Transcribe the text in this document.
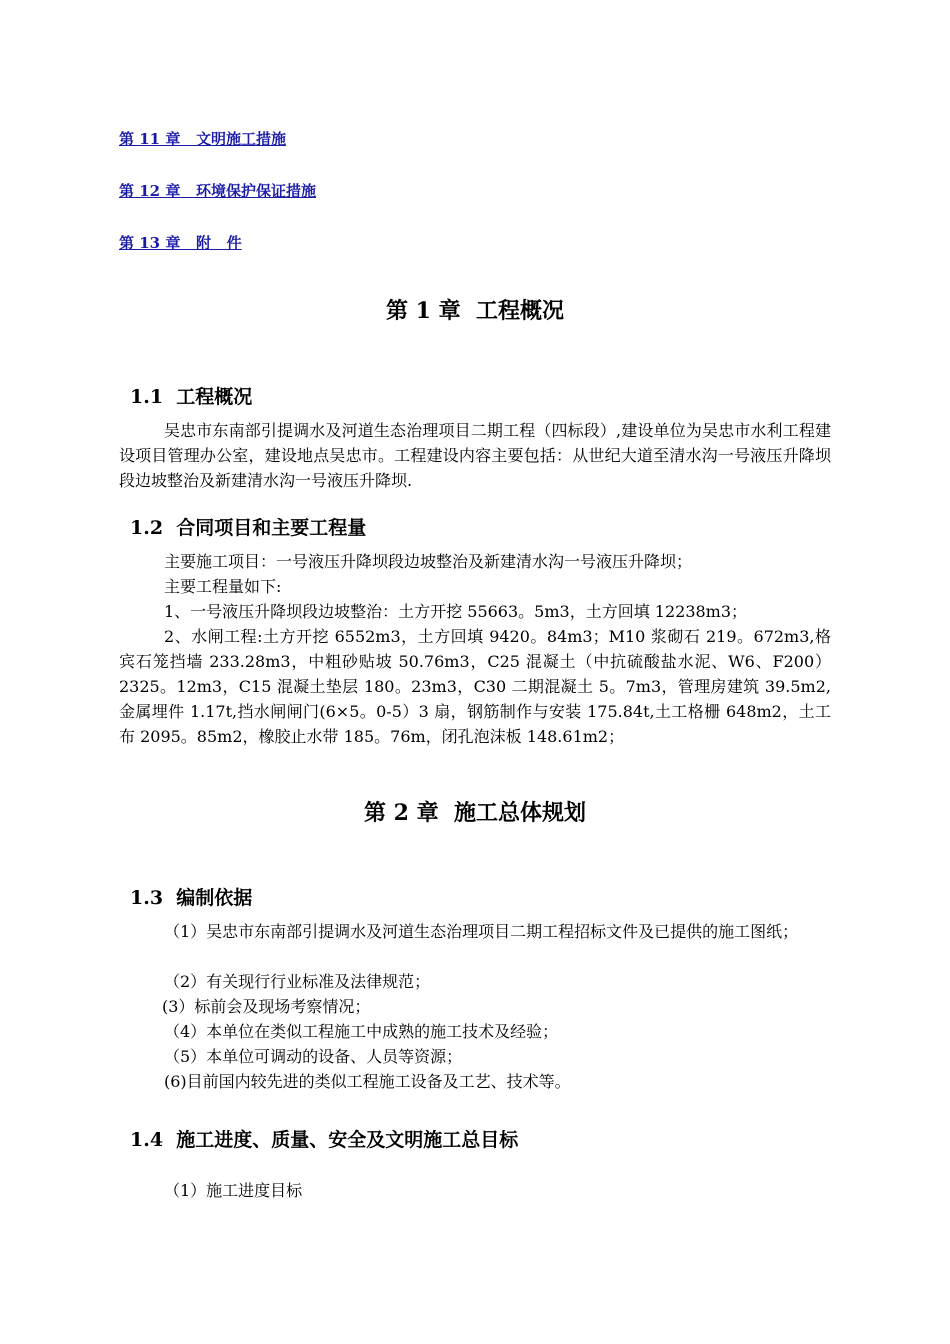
第 11 章   文明施工措施
第 12 章   环境保护保证措施
第 13 章   附   件
第 1 章  工程概况
1.1  工程概况

吴忠市东南部引提调水及河道生态治理项目二期工程（四标段）,建设单位为吴忠市水利工程建设项目管理办公室，建设地点吴忠市。工程建设内容主要包括：从世纪大道至清水沟一号液压升降坝段边坡整治及新建清水沟一号液压升降坝.

1.2  合同项目和主要工程量

主要施工项目：一号液压升降坝段边坡整治及新建清水沟一号液压升降坝；

主要工程量如下:

1、一号液压升降坝段边坡整治：土方开挖 55663。5m3，土方回填 12238m3；

2、水闸工程:土方开挖 6552m3，土方回填 9420。84m3；M10 浆砌石 219。672m3,格宾石笼挡墙 233.28m3，中粗砂贴坡 50.76m3，C25 混凝土（中抗硫酸盐水泥、W6、F200）2325。12m3，C15 混凝土垫层 180。23m3，C30 二期混凝土 5。7m3，管理房建筑 39.5m2,金属埋件 1.17t,挡水闸闸门(6×5。0-5）3 扇，钢筋制作与安装 175.84t,土工格栅 648m2，土工布 2095。85m2，橡胶止水带 185。76m，闭孔泡沫板 148.61m2；

第 2 章  施工总体规划
1.3  编制依据

（1）吴忠市东南部引提调水及河道生态治理项目二期工程招标文件及已提供的施工图纸；

（2）有关现行行业标准及法律规范；

(3）标前会及现场考察情况；

（4）本单位在类似工程施工中成熟的施工技术及经验；

（5）本单位可调动的设备、人员等资源；

(6)目前国内较先进的类似工程施工设备及工艺、技术等。

1.4  施工进度、质量、安全及文明施工总目标

（1）施工进度目标
